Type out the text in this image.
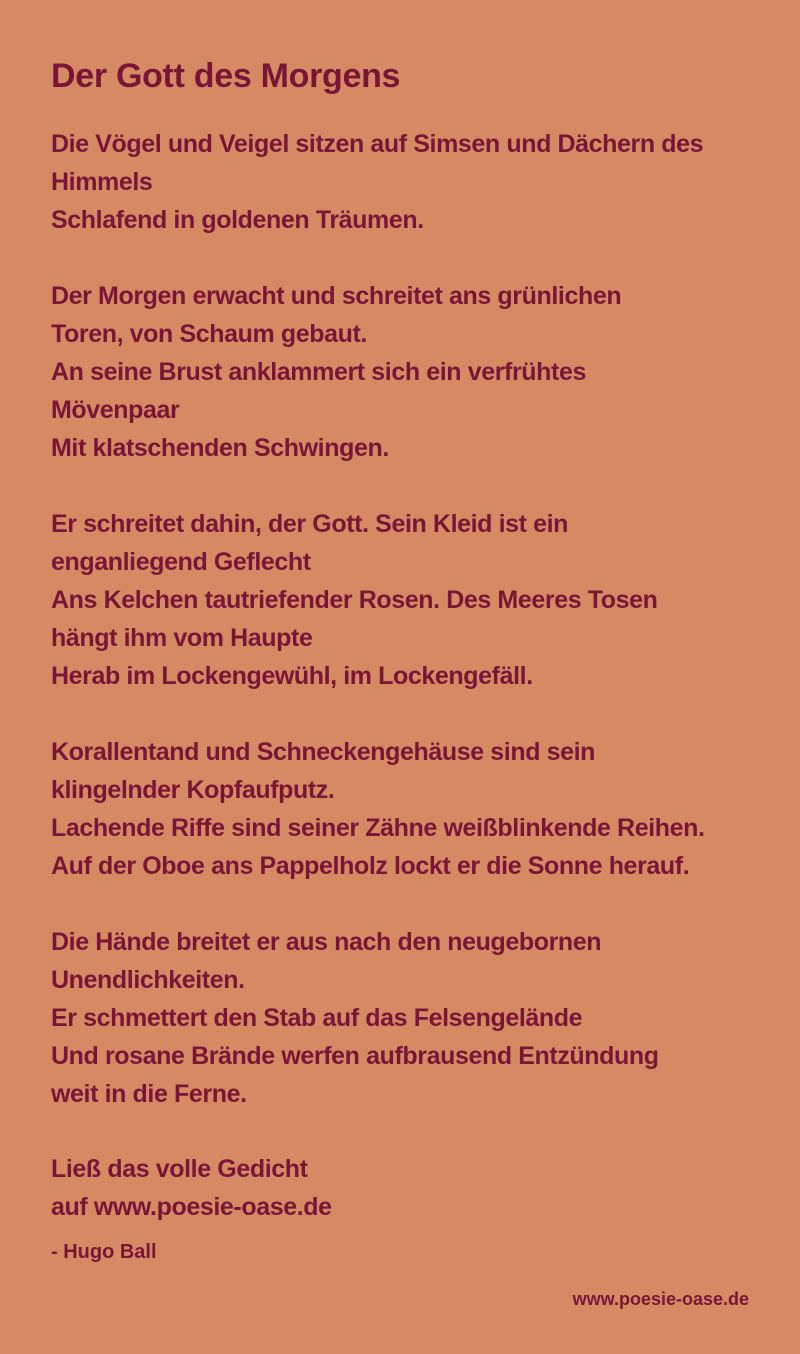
Der Gott des Morgens
Die Vögel und Veigel sitzen auf Simsen und Dächern des
Himmels
Schlafend in goldenen Träumen.
Der Morgen erwacht und schreitet ans grünlichen
Toren, von Schaum gebaut.
An seine Brust anklammert sich ein verfrühtes
Mövenpaar
Mit klatschenden Schwingen.
Er schreitet dahin, der Gott. Sein Kleid ist ein
enganliegend Geflecht
Ans Kelchen tautriefender Rosen. Des Meeres Tosen
hängt ihm vom Haupte
Herab im Lockengewühl, im Lockengefäll.
Korallentand und Schneckengehäuse sind sein
klingelnder Kopfaufputz.
Lachende Riffe sind seiner Zähne weißblinkende Reihen.
Auf der Oboe ans Pappelholz lockt er die Sonne herauf.
Die Hände breitet er aus nach den neugebornen
Unendlichkeiten.
Er schmettert den Stab auf das Felsengelände
Und rosane Brände werfen aufbrausend Entzündung
weit in die Ferne.
Ließ das volle Gedicht
auf www.poesie-oase.de
- Hugo Ball
www.poesie-oase.de
